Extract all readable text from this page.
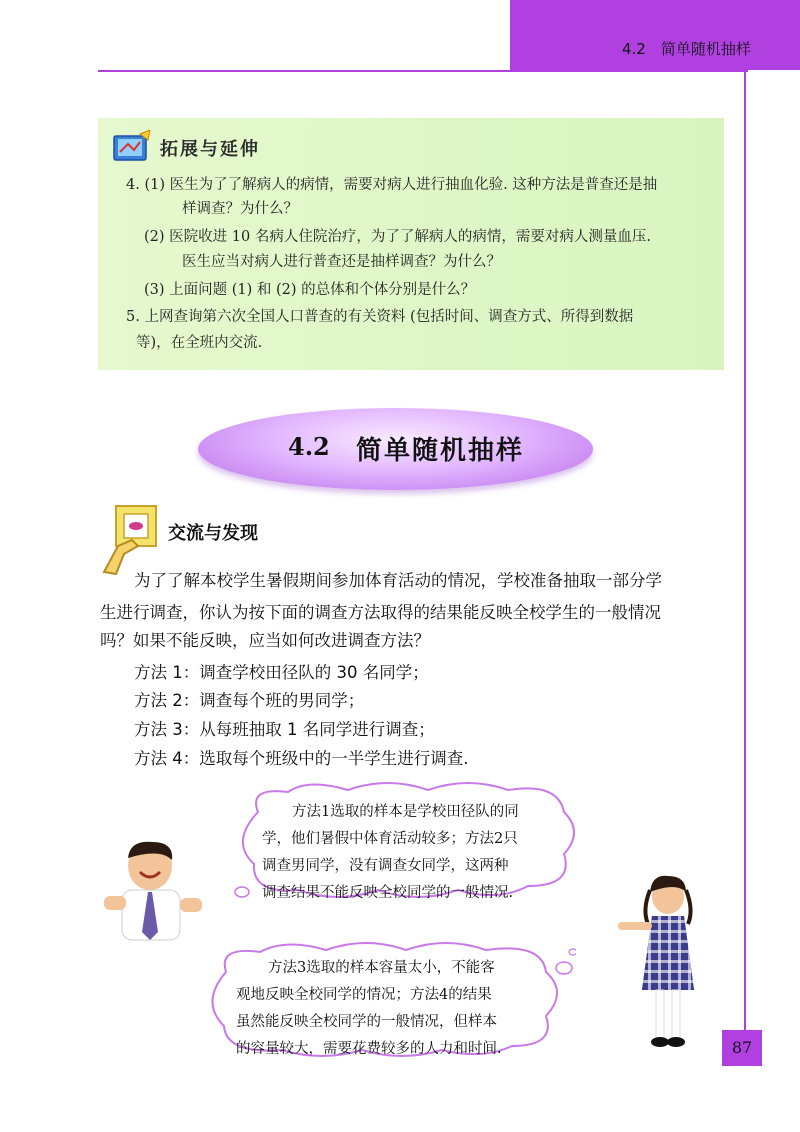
4.2　简单随机抽样
拓展与延伸
4. (1) 医生为了了解病人的病情，需要对病人进行抽血化验. 这种方法是普查还是抽
样调查？为什么？
(2) 医院收进 10 名病人住院治疗，为了了解病人的病情，需要对病人测量血压.
医生应当对病人进行普查还是抽样调查？为什么？
(3) 上面问题 (1) 和 (2) 的总体和个体分别是什么？
5. 上网查询第六次全国人口普查的有关资料 (包括时间、调查方式、所得到数据
等)，在全班内交流.
4.2 简单随机抽样
交流与发现
为了了解本校学生暑假期间参加体育活动的情况，学校准备抽取一部分学
生进行调查，你认为按下面的调查方法取得的结果能反映全校学生的一般情况
吗？如果不能反映，应当如何改进调查方法？
方法 1：调查学校田径队的 30 名同学；
方法 2：调查每个班的男同学；
方法 3：从每班抽取 1 名同学进行调查；
方法 4：选取每个班级中的一半学生进行调查.
方法1选取的样本是学校田径队的同
学，他们暑假中体育活动较多；方法2只
调查男同学，没有调查女同学，这两种
调查结果不能反映全校同学的一般情况.
方法3选取的样本容量太小，不能客
观地反映全校同学的情况；方法4的结果
虽然能反映全校同学的一般情况，但样本
的容量较大，需要花费较多的人力和时间.	87
